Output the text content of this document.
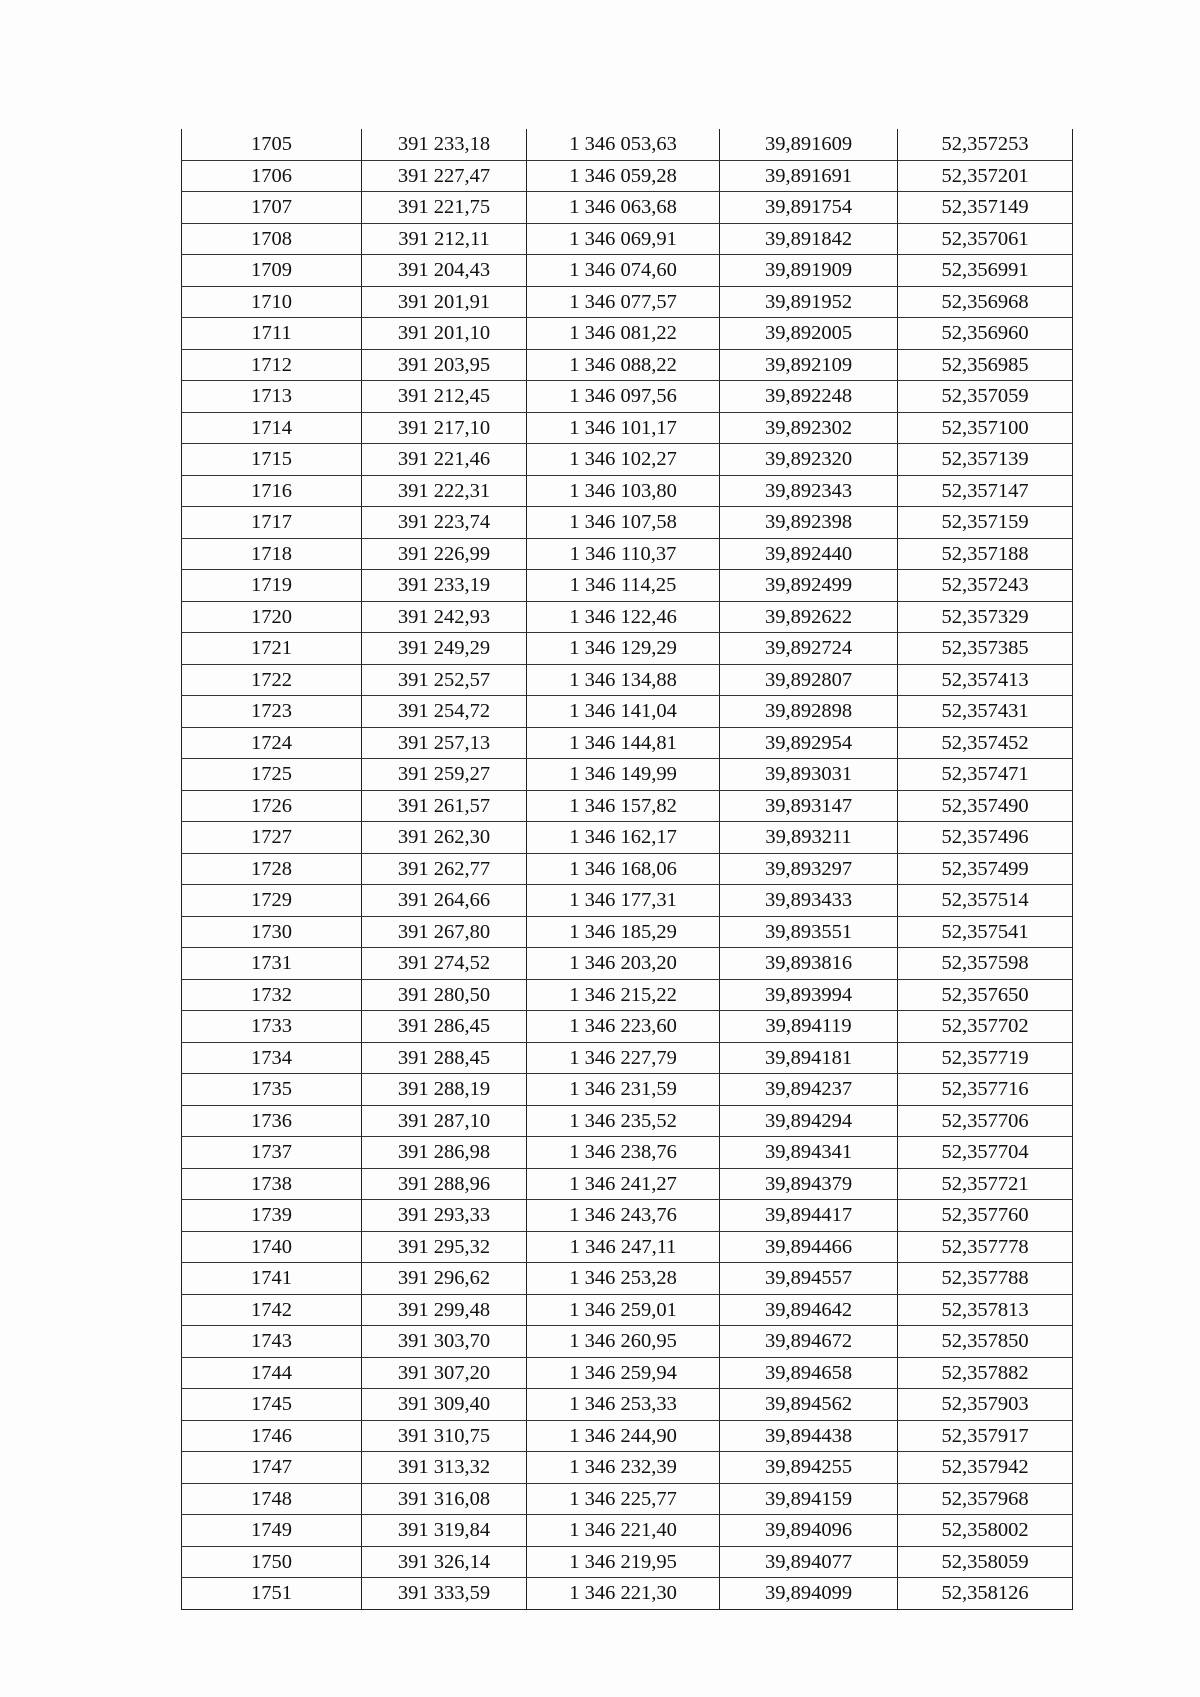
1705	391 233,18	1 346 053,63	39,891609	52,357253
1706	391 227,47	1 346 059,28	39,891691	52,357201
1707	391 221,75	1 346 063,68	39,891754	52,357149
1708	391 212,11	1 346 069,91	39,891842	52,357061
1709	391 204,43	1 346 074,60	39,891909	52,356991
1710	391 201,91	1 346 077,57	39,891952	52,356968
1711	391 201,10	1 346 081,22	39,892005	52,356960
1712	391 203,95	1 346 088,22	39,892109	52,356985
1713	391 212,45	1 346 097,56	39,892248	52,357059
1714	391 217,10	1 346 101,17	39,892302	52,357100
1715	391 221,46	1 346 102,27	39,892320	52,357139
1716	391 222,31	1 346 103,80	39,892343	52,357147
1717	391 223,74	1 346 107,58	39,892398	52,357159
1718	391 226,99	1 346 110,37	39,892440	52,357188
1719	391 233,19	1 346 114,25	39,892499	52,357243
1720	391 242,93	1 346 122,46	39,892622	52,357329
1721	391 249,29	1 346 129,29	39,892724	52,357385
1722	391 252,57	1 346 134,88	39,892807	52,357413
1723	391 254,72	1 346 141,04	39,892898	52,357431
1724	391 257,13	1 346 144,81	39,892954	52,357452
1725	391 259,27	1 346 149,99	39,893031	52,357471
1726	391 261,57	1 346 157,82	39,893147	52,357490
1727	391 262,30	1 346 162,17	39,893211	52,357496
1728	391 262,77	1 346 168,06	39,893297	52,357499
1729	391 264,66	1 346 177,31	39,893433	52,357514
1730	391 267,80	1 346 185,29	39,893551	52,357541
1731	391 274,52	1 346 203,20	39,893816	52,357598
1732	391 280,50	1 346 215,22	39,893994	52,357650
1733	391 286,45	1 346 223,60	39,894119	52,357702
1734	391 288,45	1 346 227,79	39,894181	52,357719
1735	391 288,19	1 346 231,59	39,894237	52,357716
1736	391 287,10	1 346 235,52	39,894294	52,357706
1737	391 286,98	1 346 238,76	39,894341	52,357704
1738	391 288,96	1 346 241,27	39,894379	52,357721
1739	391 293,33	1 346 243,76	39,894417	52,357760
1740	391 295,32	1 346 247,11	39,894466	52,357778
1741	391 296,62	1 346 253,28	39,894557	52,357788
1742	391 299,48	1 346 259,01	39,894642	52,357813
1743	391 303,70	1 346 260,95	39,894672	52,357850
1744	391 307,20	1 346 259,94	39,894658	52,357882
1745	391 309,40	1 346 253,33	39,894562	52,357903
1746	391 310,75	1 346 244,90	39,894438	52,357917
1747	391 313,32	1 346 232,39	39,894255	52,357942
1748	391 316,08	1 346 225,77	39,894159	52,357968
1749	391 319,84	1 346 221,40	39,894096	52,358002
1750	391 326,14	1 346 219,95	39,894077	52,358059
1751	391 333,59	1 346 221,30	39,894099	52,358126
